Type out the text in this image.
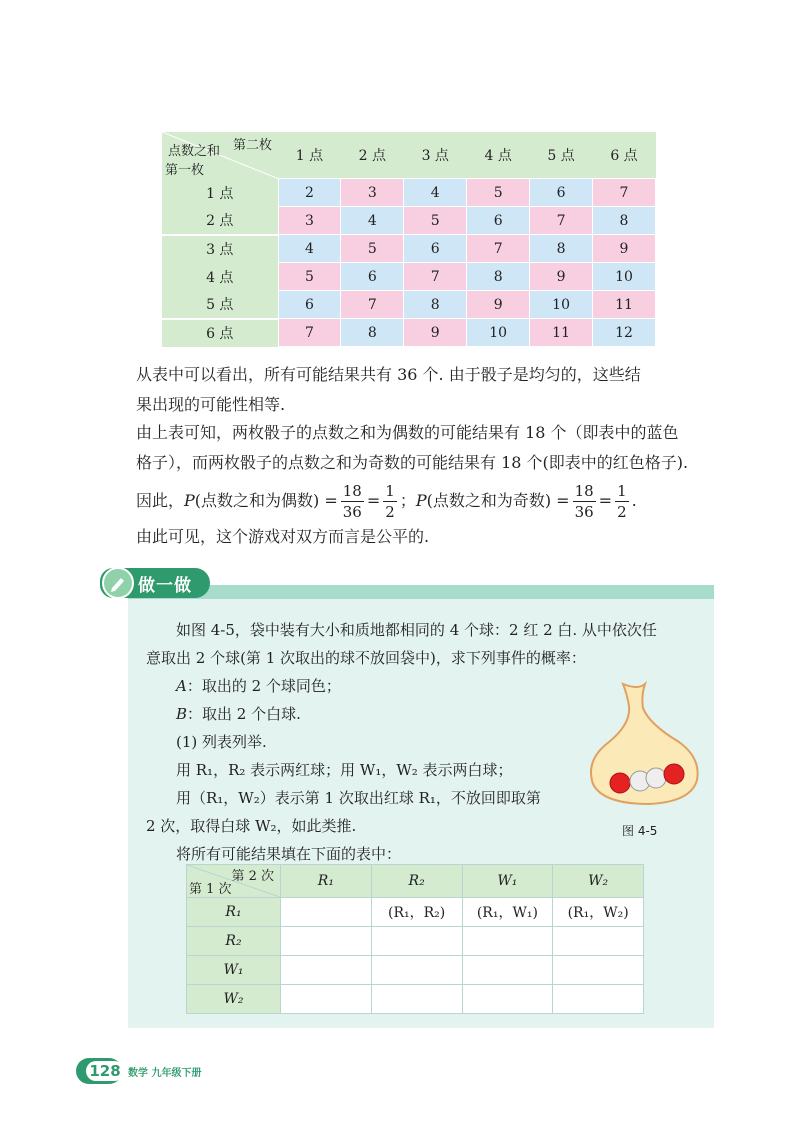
点数之和 第二枚
第一枚	1 点	2 点	3 点	4 点	5 点	6 点
1 点	2	3	4	5	6	7
2 点	3	4	5	6	7	8
3 点	4	5	6	7	8	9
4 点	5	6	7	8	9	10
5 点	6	7	8	9	10	11
6 点	7	8	9	10	11	12
从表中可以看出，所有可能结果共有 36 个. 由于骰子是均匀的，这些结
果出现的可能性相等.
由上表可知，两枚骰子的点数之和为偶数的可能结果有 18 个（即表中的蓝色
格子），而两枚骰子的点数之和为奇数的可能结果有 18 个(即表中的红色格子).
因此， P (点数之和为偶数) = $\frac{18}{36} = \frac{1}{2}$ ； P (点数之和为奇数) = $\frac{18}{36} = \frac{1}{2}$ .
由此可见，这个游戏对双方而言是公平的.
做一做
如图 4-5，袋中装有大小和质地都相同的 4 个球：2 红 2 白. 从中依次任
意取出 2 个球(第 1 次取出的球不放回袋中)，求下列事件的概率：
A：取出的 2 个球同色；
B：取出 2 个白球.
(1) 列表列举.
用 R₁，R₂ 表示两红球；用 W₁，W₂ 表示两白球；
用（R₁，W₂）表示第 1 次取出红球 R₁，不放回即取第
2 次，取得白球 W₂，如此类推.
将所有可能结果填在下面的表中：
图 4-5
第 2 次
第 1 次	R₁	R₂	W₁	W₂
R₁		(R₁，R₂)	(R₁，W₁)	(R₁，W₂)
R₂				
W₁				
W₂				
128 数学 九年级下册
